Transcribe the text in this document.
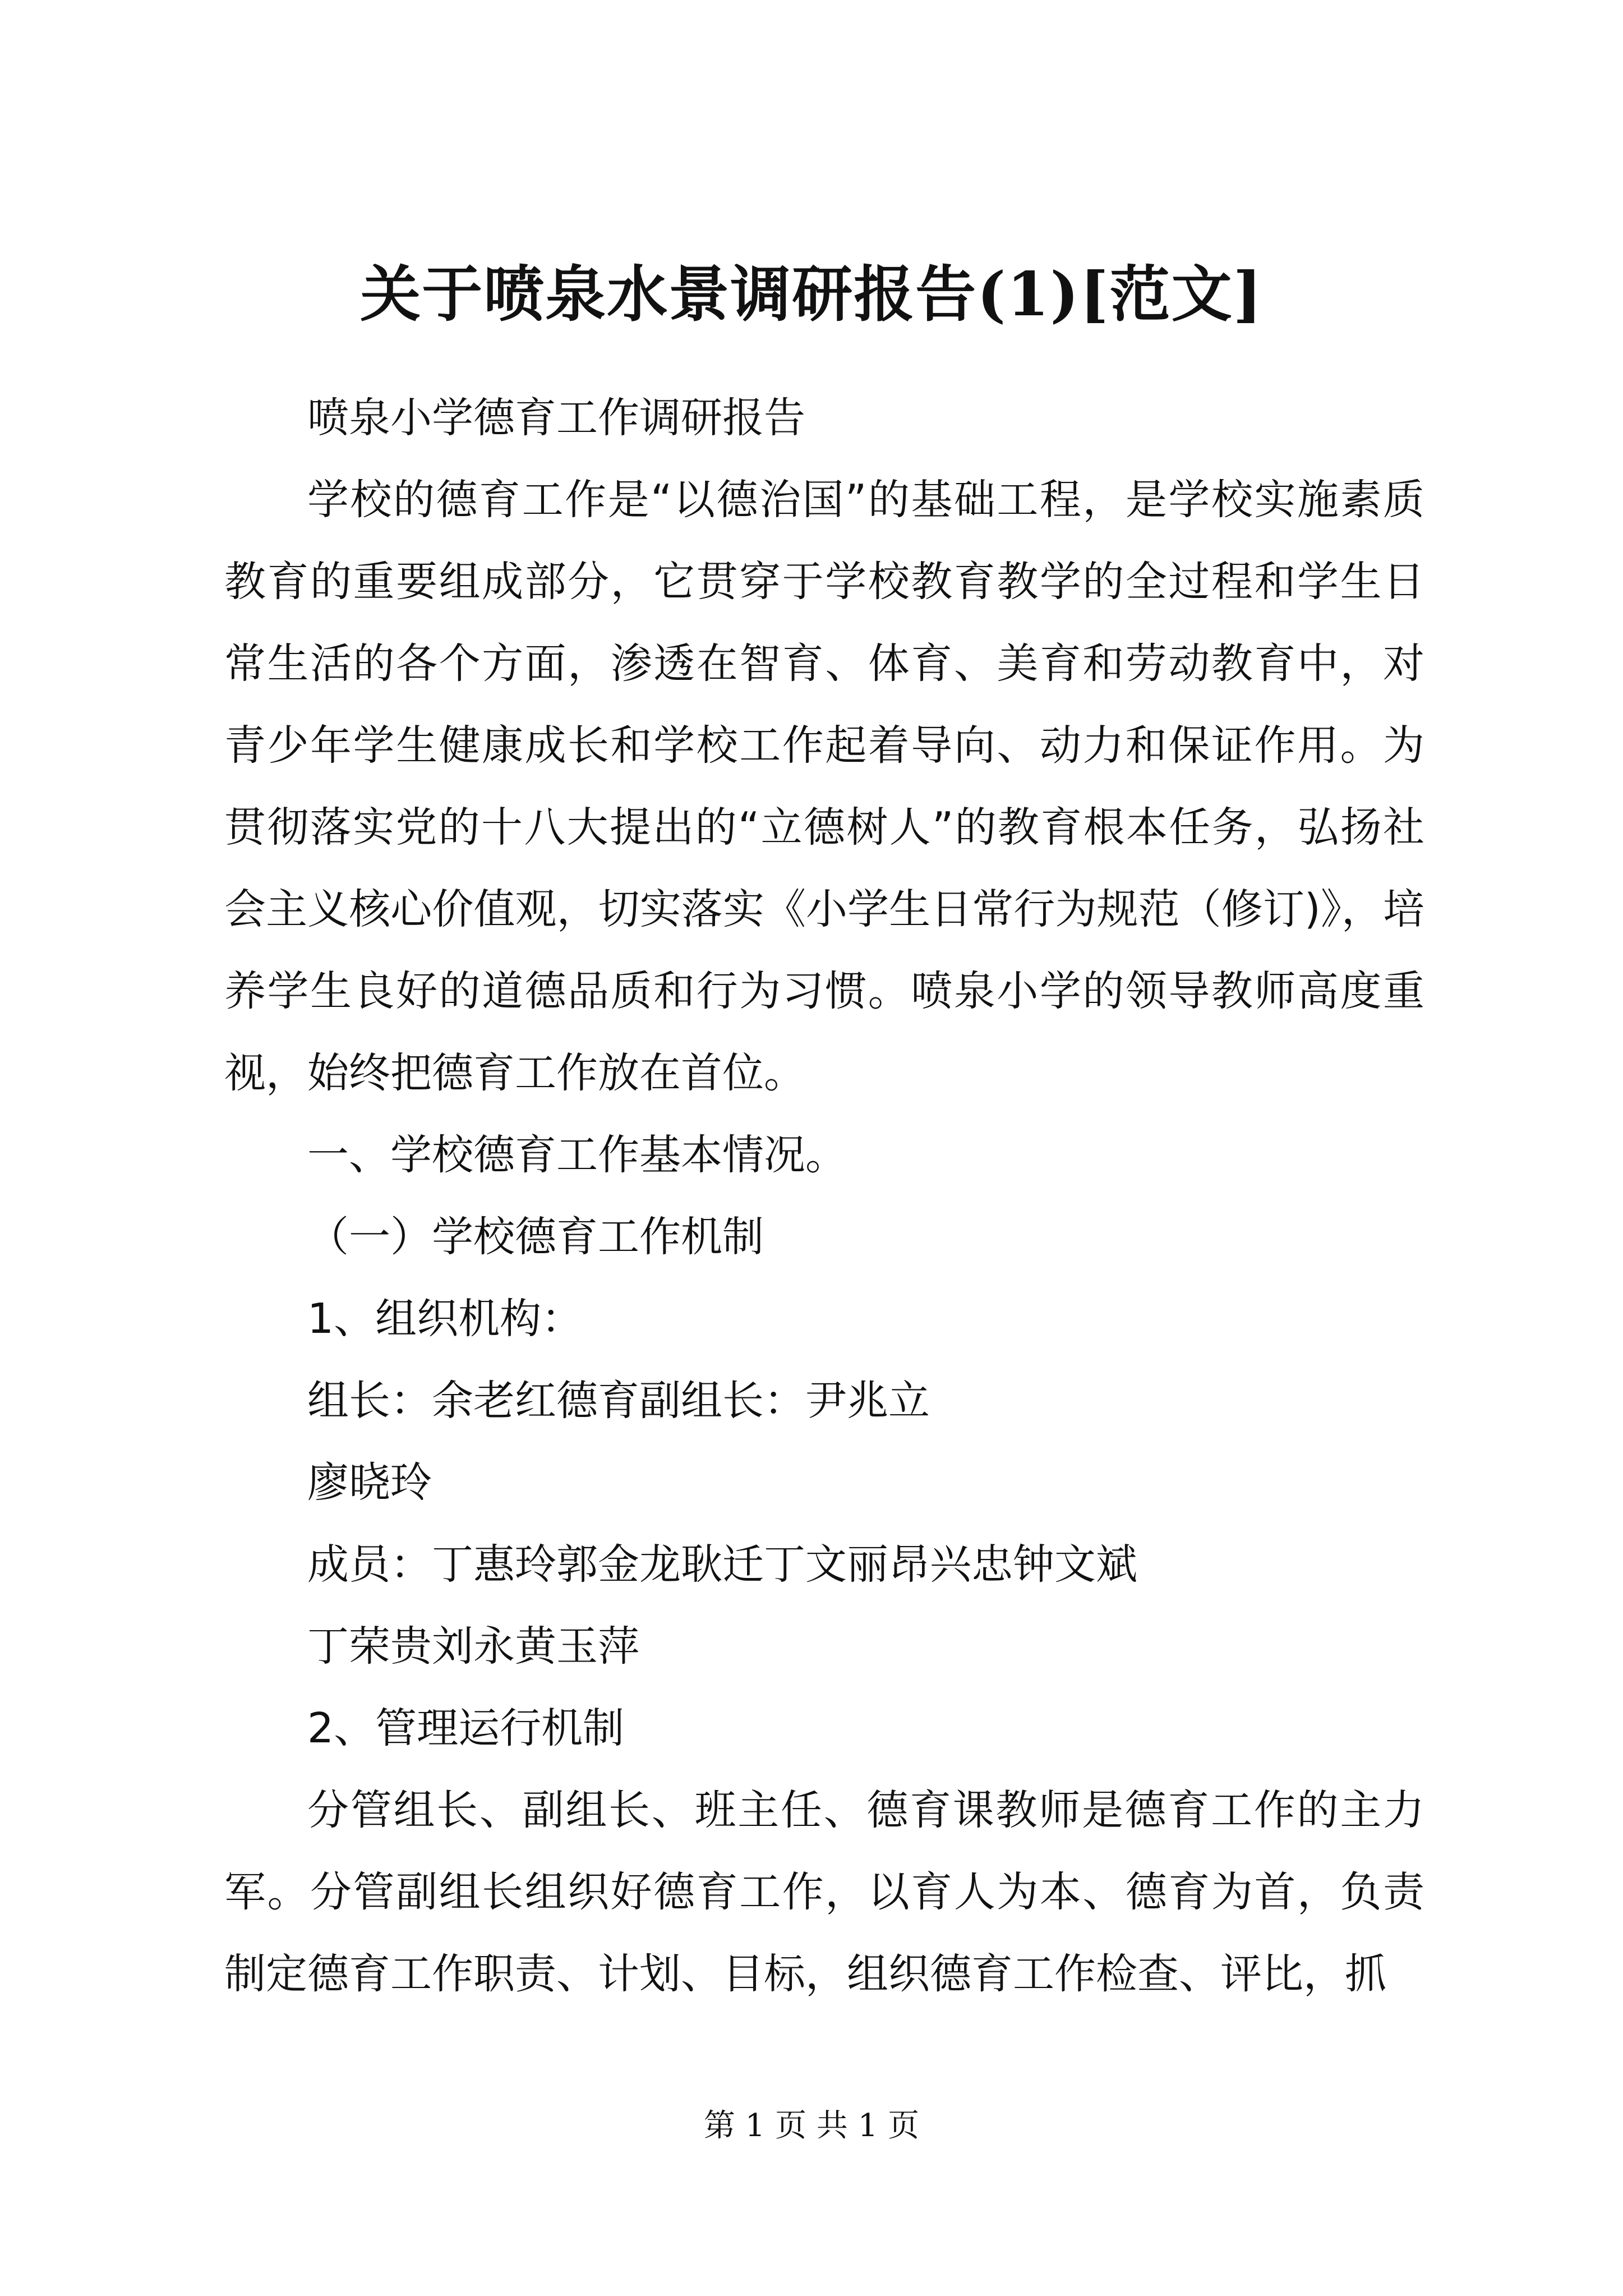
关于喷泉水景调研报告(1)[范文]

喷泉小学德育工作调研报告

学校的德育工作是“以德治国”的基础工程，是学校实施素质教育的重要组成部分，它贯穿于学校教育教学的全过程和学生日常生活的各个方面，渗透在智育、体育、美育和劳动教育中，对青少年学生健康成长和学校工作起着导向、动力和保证作用。为贯彻落实党的十八大提出的“立德树人”的教育根本任务，弘扬社会主义核心价值观，切实落实《小学生日常行为规范（修订)》，培养学生良好的道德品质和行为习惯。喷泉小学的领导教师高度重视，始终把德育工作放在首位。

一、学校德育工作基本情况。

（一）学校德育工作机制

1、组织机构：

组长：余老红德育副组长：尹兆立

廖晓玲

成员：丁惠玲郭金龙耿迁丁文丽昂兴忠钟文斌

丁荣贵刘永黄玉萍

2、管理运行机制

分管组长、副组长、班主任、德育课教师是德育工作的主力军。分管副组长组织好德育工作，以育人为本、德育为首，负责制定德育工作职责、计划、目标，组织德育工作检查、评比，抓

第 1 页 共 1 页
